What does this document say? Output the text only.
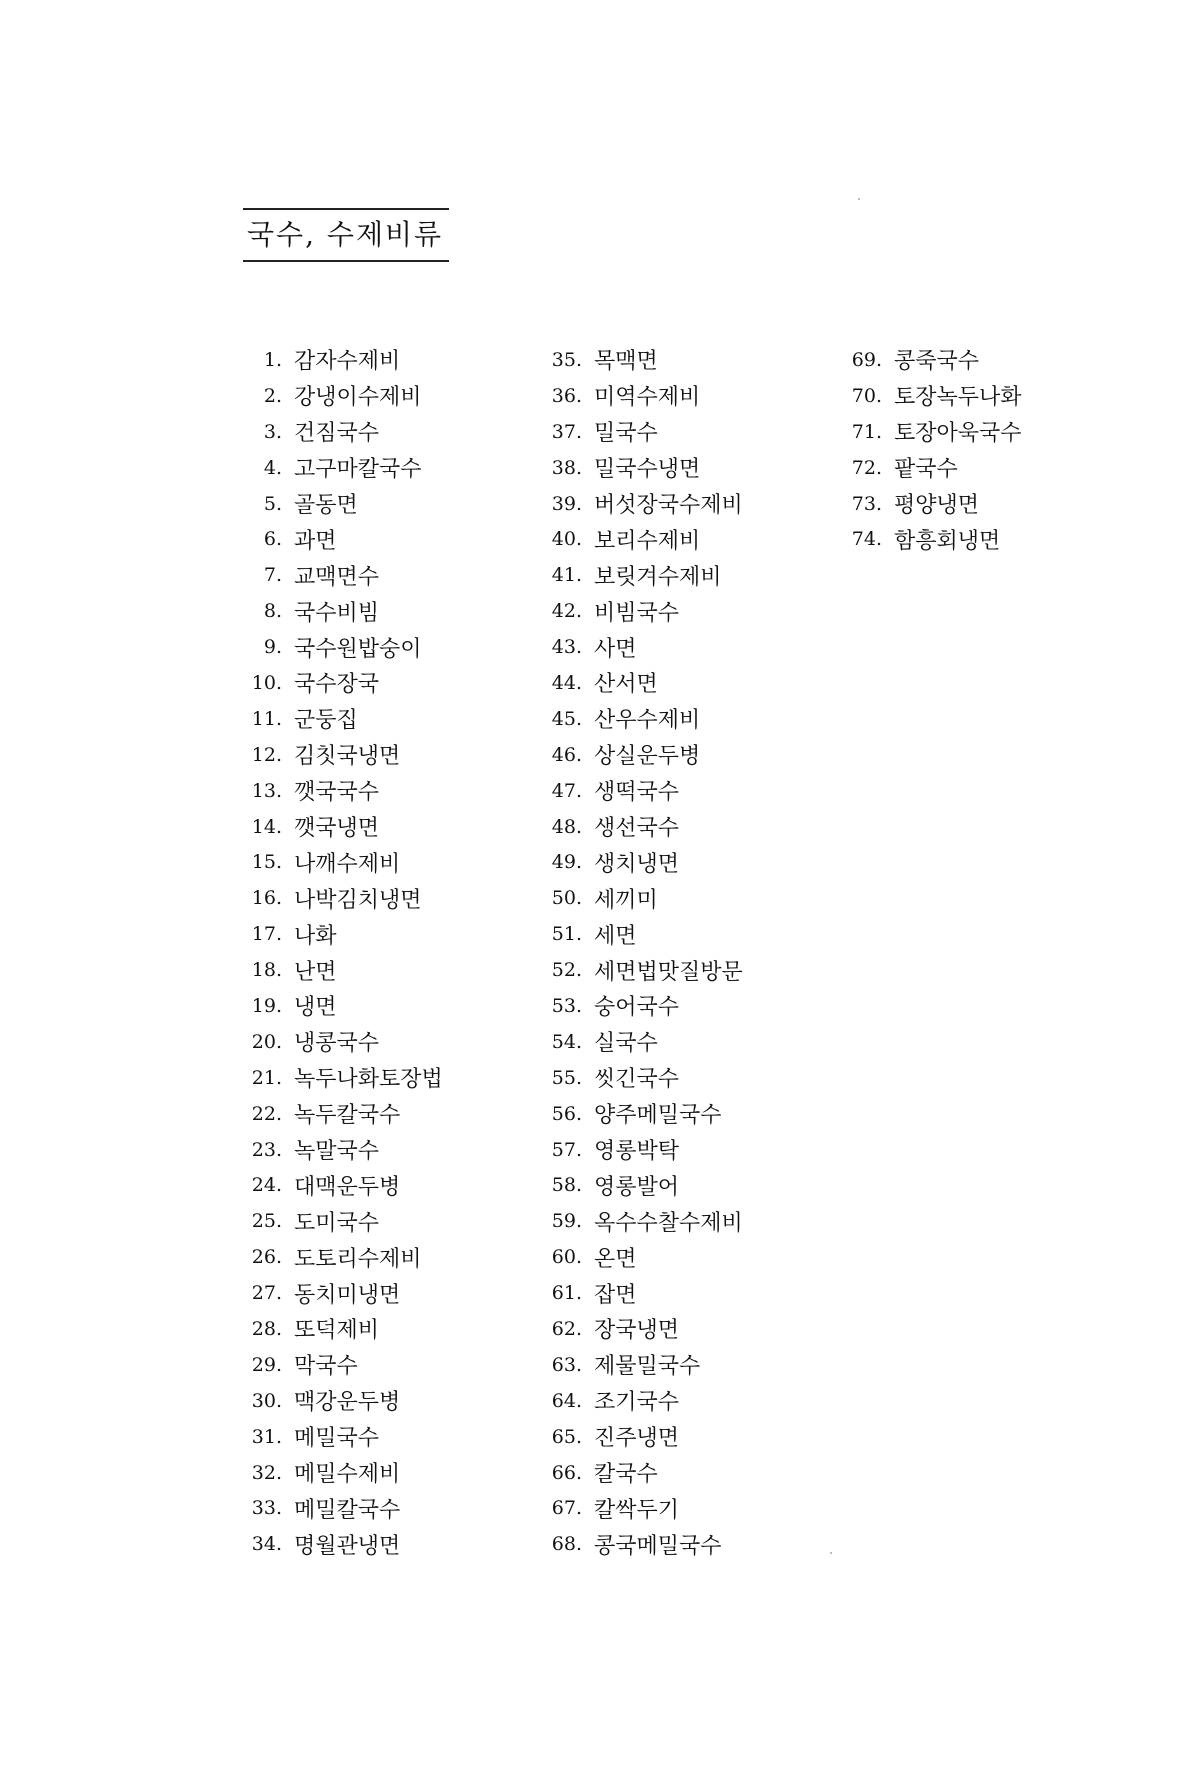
국수, 수제비류
1. 감자수제비
2. 강냉이수제비
3. 건짐국수
4. 고구마칼국수
5. 골동면
6. 과면
7. 교맥면수
8. 국수비빔
9. 국수원밥숭이
10. 국수장국
11. 군둥집
12. 김칫국냉면
13. 깻국국수
14. 깻국냉면
15. 나깨수제비
16. 나박김치냉면
17. 나화
18. 난면
19. 냉면
20. 냉콩국수
21. 녹두나화토장법
22. 녹두칼국수
23. 녹말국수
24. 대맥운두병
25. 도미국수
26. 도토리수제비
27. 동치미냉면
28. 또덕제비
29. 막국수
30. 맥강운두병
31. 메밀국수
32. 메밀수제비
33. 메밀칼국수
34. 명월관냉면
35. 목맥면
36. 미역수제비
37. 밀국수
38. 밀국수냉면
39. 버섯장국수제비
40. 보리수제비
41. 보릿겨수제비
42. 비빔국수
43. 사면
44. 산서면
45. 산우수제비
46. 상실운두병
47. 생떡국수
48. 생선국수
49. 생치냉면
50. 세끼미
51. 세면
52. 세면법맛질방문
53. 숭어국수
54. 실국수
55. 씻긴국수
56. 양주메밀국수
57. 영롱박탁
58. 영롱발어
59. 옥수수찰수제비
60. 온면
61. 잡면
62. 장국냉면
63. 제물밀국수
64. 조기국수
65. 진주냉면
66. 칼국수
67. 칼싹두기
68. 콩국메밀국수
69. 콩죽국수
70. 토장녹두나화
71. 토장아욱국수
72. 팥국수
73. 평양냉면
74. 함흥회냉면
